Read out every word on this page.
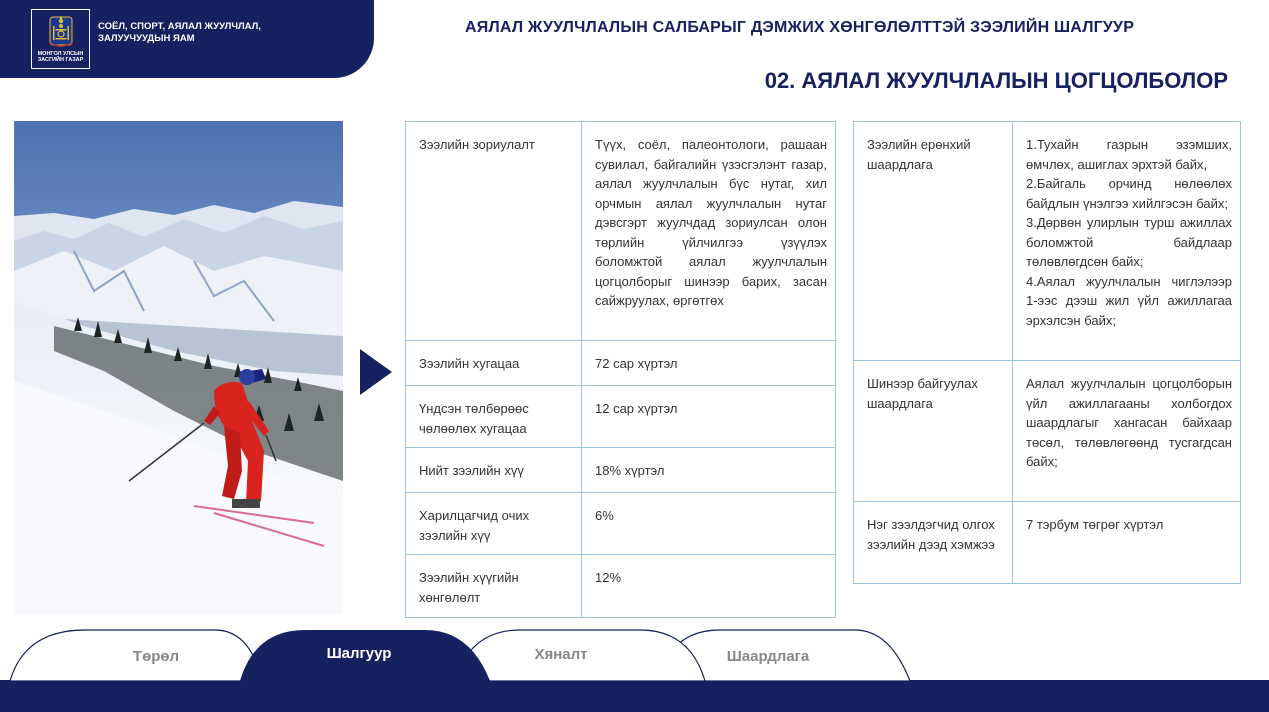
МОНГОЛ УЛСЫН ЗАСГИЙН ГАЗАР
СОЁЛ, СПОРТ, АЯЛАЛ ЖУУЛЧЛАЛ, ЗАЛУУЧУУДЫН ЯАМ
АЯЛАЛ ЖУУЛЧЛАЛЫН САЛБАРЫГ ДЭМЖИХ ХӨНГӨЛӨЛТТЭЙ ЗЭЭЛИЙН ШАЛГУУР
02. АЯЛАЛ ЖУУЛЧЛАЛЫН ЦОГЦОЛБОЛОР
Зээлийн зориулалт	Түүх, соёл, палеонтологи, рашаан сувилал, байгалийн үзэсгэлэнт газар, аялал жуулчлалын бүс нутаг, хил орчмын аялал жуулчлалын нутаг дэвсгэрт жуулчдад зориулсан олон төрлийн үйлчилгээ үзүүлэх боломжтой аялал жуулчлалын цогцолборыг шинээр барих, засан сайжруулах, өргөтгөх
Зээлийн хугацаа	72 сар хүртэл
Үндсэн төлбөрөөс чөлөөлөх хугацаа	12 сар хүртэл
Нийт зээлийн хүү	18% хүртэл
Харилцагчид очих зээлийн хүү	6%
Зээлийн хүүгийн хөнгөлөлт	12%
Зээлийн ерөнхий шаардлага	1.Тухайн газрын эзэмших, өмчлөх, ашиглах эрхтэй байх,
2.Байгаль орчинд нөлөөлөх байдлын үнэлгээ хийлгэсэн байх;
3.Дөрвөн улирлын турш ажиллах боломжтой байдлаар төлөвлөгдсөн байх;
4.Аялал жуулчлалын чиглэлээр 1-ээс дээш жил үйл ажиллагаа эрхэлсэн байх;
Шинээр байгуулах шаардлага	Аялал жуулчлалын цогцолборын үйл ажиллагааны холбогдох шаардлагыг хангасан байхаар төсөл, төлөвлөгөөнд тусгагдсан байх;
Нэг зээлдэгчид олгох зээлийн дээд хэмжээ	7 тэрбум төгрөг хүртэл
Төрөл	Шалгуур	Хяналт	Шаардлага
